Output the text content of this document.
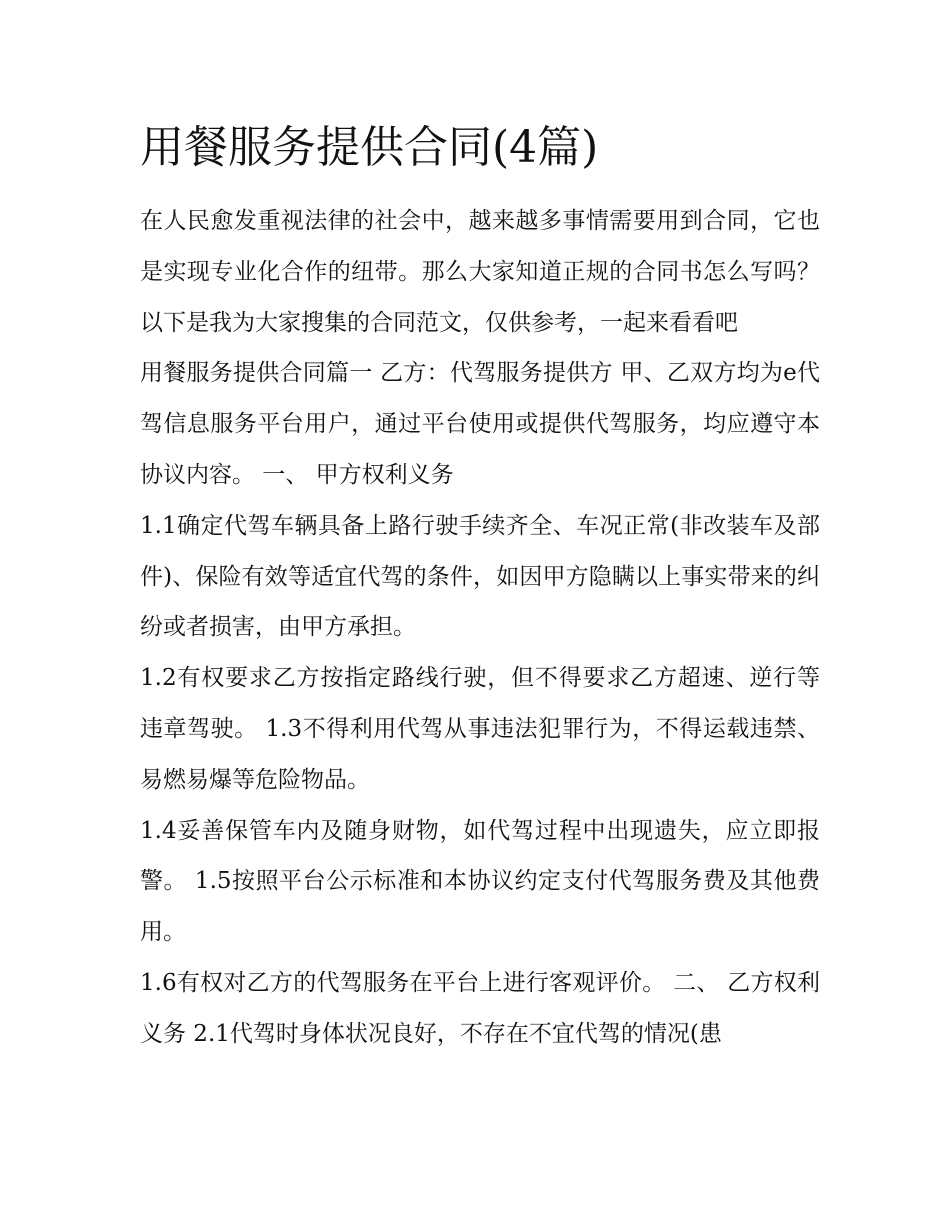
用餐服务提供合同(4篇)

在人民愈发重视法律的社会中，越来越多事情需要用到合同，它也是实现专业化合作的纽带。那么大家知道正规的合同书怎么写吗？以下是我为大家搜集的合同范文，仅供参考，一起来看看吧

用餐服务提供合同篇一 乙方：代驾服务提供方 甲、乙双方均为e代驾信息服务平台用户，通过平台使用或提供代驾服务，均应遵守本协议内容。 一、 甲方权利义务

1.1确定代驾车辆具备上路行驶手续齐全、车况正常(非改装车及部件)、保险有效等适宜代驾的条件，如因甲方隐瞒以上事实带来的纠纷或者损害，由甲方承担。

1.2有权要求乙方按指定路线行驶，但不得要求乙方超速、逆行等违章驾驶。 1.3不得利用代驾从事违法犯罪行为，不得运载违禁、易燃易爆等危险物品。

1.4妥善保管车内及随身财物，如代驾过程中出现遗失，应立即报警。 1.5按照平台公示标准和本协议约定支付代驾服务费及其他费用。

1.6有权对乙方的代驾服务在平台上进行客观评价。 二、 乙方权利义务 2.1代驾时身体状况良好，不存在不宜代驾的情况(患
